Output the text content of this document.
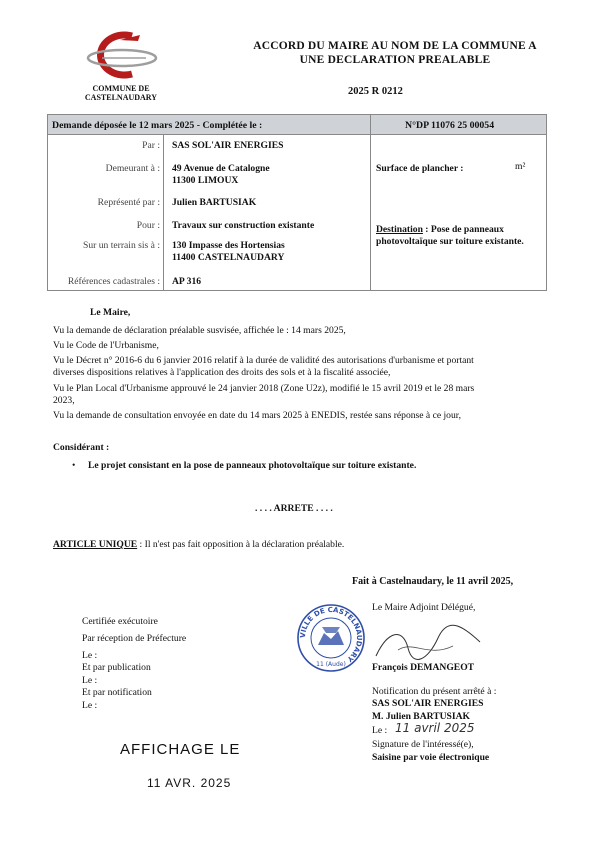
COMMUNE DE
CASTELNAUDARY
ACCORD DU MAIRE AU NOM DE LA COMMUNE A
UNE DECLARATION PREALABLE
2025 R 0212
Demande déposée le 12 mars 2025 - Complétée le :	N°DP 11076 25 00054
Par : SAS SOL'AIR ENERGIES
Demeurant à : 49 Avenue de Catalogne
11300 LIMOUX
Surface de plancher :	m²
Représenté par : Julien BARTUSIAK
Pour : Travaux sur construction existante	Destination : Pose de panneaux photovoltaïque sur toiture existante.
Sur un terrain sis à : 130 Impasse des Hortensias
11400 CASTELNAUDARY
Références cadastrales : AP 316
Le Maire,
Vu la demande de déclaration préalable susvisée, affichée le : 14 mars 2025,
Vu le Code de l'Urbanisme,
Vu le Décret n° 2016-6 du 6 janvier 2016 relatif à la durée de validité des autorisations d'urbanisme et portant
diverses dispositions relatives à l'application des droits des sols et à la fiscalité associée,
Vu le Plan Local d'Urbanisme approuvé le 24 janvier 2018 (Zone U2z), modifié le 15 avril 2019 et le 28 mars
2023,
Vu la demande de consultation envoyée en date du 14 mars 2025 à ENEDIS, restée sans réponse à ce jour,
Considérant :
• Le projet consistant en la pose de panneaux photovoltaïque sur toiture existante.
. . . . ARRETE . . . .
ARTICLE UNIQUE : Il n'est pas fait opposition à la déclaration préalable.
Fait à Castelnaudary, le 11 avril 2025,
Le Maire Adjoint Délégué,
VILLE DE CASTELNAUDARY
11 (Aude)	François DEMANGEOT
Certifiée exécutoire
Par réception de Préfecture
Le :
Et par publication
Le :
Et par notification
Le :
Notification du présent arrêté à :
SAS SOL'AIR ENERGIES
M. Julien BARTUSIAK
Le : 11 avril 2025
Signature de l'intéressé(e),
Saisine par voie électronique
AFFICHAGE LE
11 AVR. 2025
